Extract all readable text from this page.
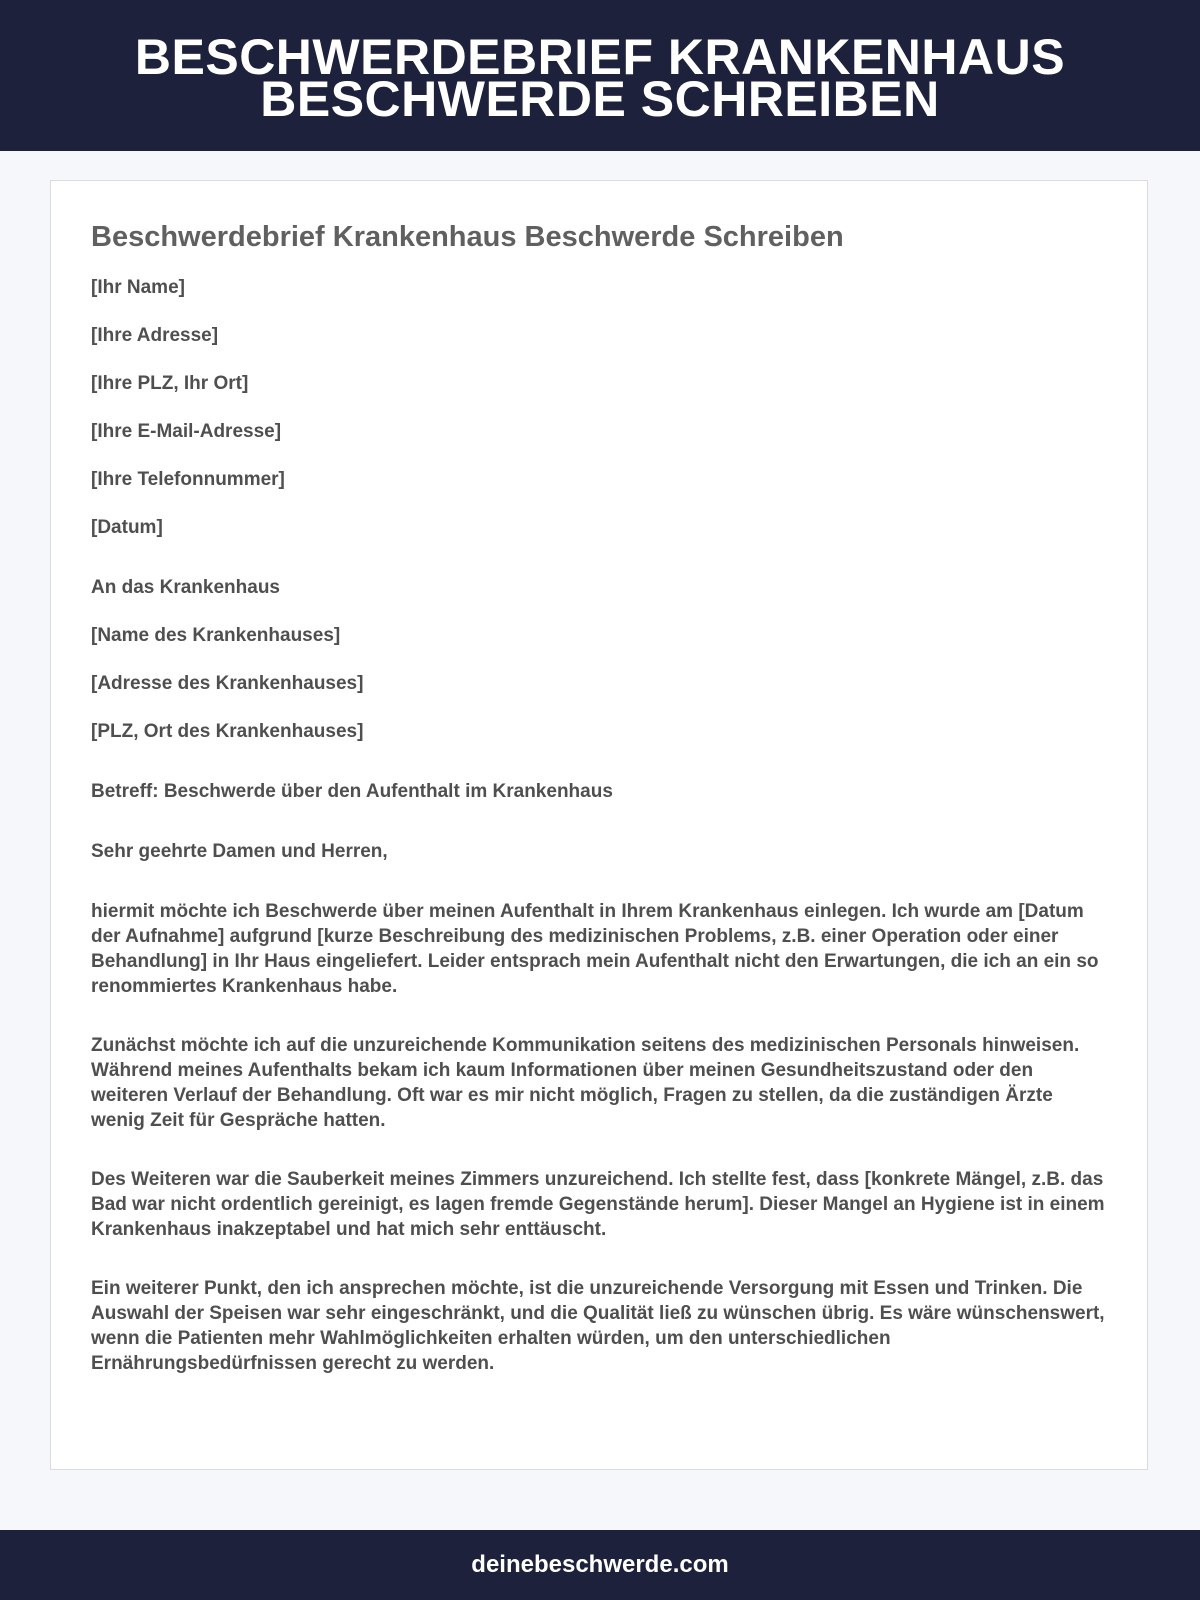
BESCHWERDEBRIEF KRANKENHAUS BESCHWERDE SCHREIBEN
Beschwerdebrief Krankenhaus Beschwerde Schreiben

[Ihr Name]

[Ihre Adresse]

[Ihre PLZ, Ihr Ort]

[Ihre E-Mail-Adresse]

[Ihre Telefonnummer]

[Datum]

An das Krankenhaus

[Name des Krankenhauses]

[Adresse des Krankenhauses]

[PLZ, Ort des Krankenhauses]

Betreff: Beschwerde über den Aufenthalt im Krankenhaus

Sehr geehrte Damen und Herren,

hiermit möchte ich Beschwerde über meinen Aufenthalt in Ihrem Krankenhaus einlegen. Ich wurde am [Datum der Aufnahme] aufgrund [kurze Beschreibung des medizinischen Problems, z.B. einer Operation oder einer Behandlung] in Ihr Haus eingeliefert. Leider entsprach mein Aufenthalt nicht den Erwartungen, die ich an ein so renommiertes Krankenhaus habe.

Zunächst möchte ich auf die unzureichende Kommunikation seitens des medizinischen Personals hinweisen. Während meines Aufenthalts bekam ich kaum Informationen über meinen Gesundheitszustand oder den weiteren Verlauf der Behandlung. Oft war es mir nicht möglich, Fragen zu stellen, da die zuständigen Ärzte wenig Zeit für Gespräche hatten.

Des Weiteren war die Sauberkeit meines Zimmers unzureichend. Ich stellte fest, dass [konkrete Mängel, z.B. das Bad war nicht ordentlich gereinigt, es lagen fremde Gegenstände herum]. Dieser Mangel an Hygiene ist in einem Krankenhaus inakzeptabel und hat mich sehr enttäuscht.

Ein weiterer Punkt, den ich ansprechen möchte, ist die unzureichende Versorgung mit Essen und Trinken. Die Auswahl der Speisen war sehr eingeschränkt, und die Qualität ließ zu wünschen übrig. Es wäre wünschenswert, wenn die Patienten mehr Wahlmöglichkeiten erhalten würden, um den unterschiedlichen Ernährungsbedürfnissen gerecht zu werden.

deinebeschwerde.com
